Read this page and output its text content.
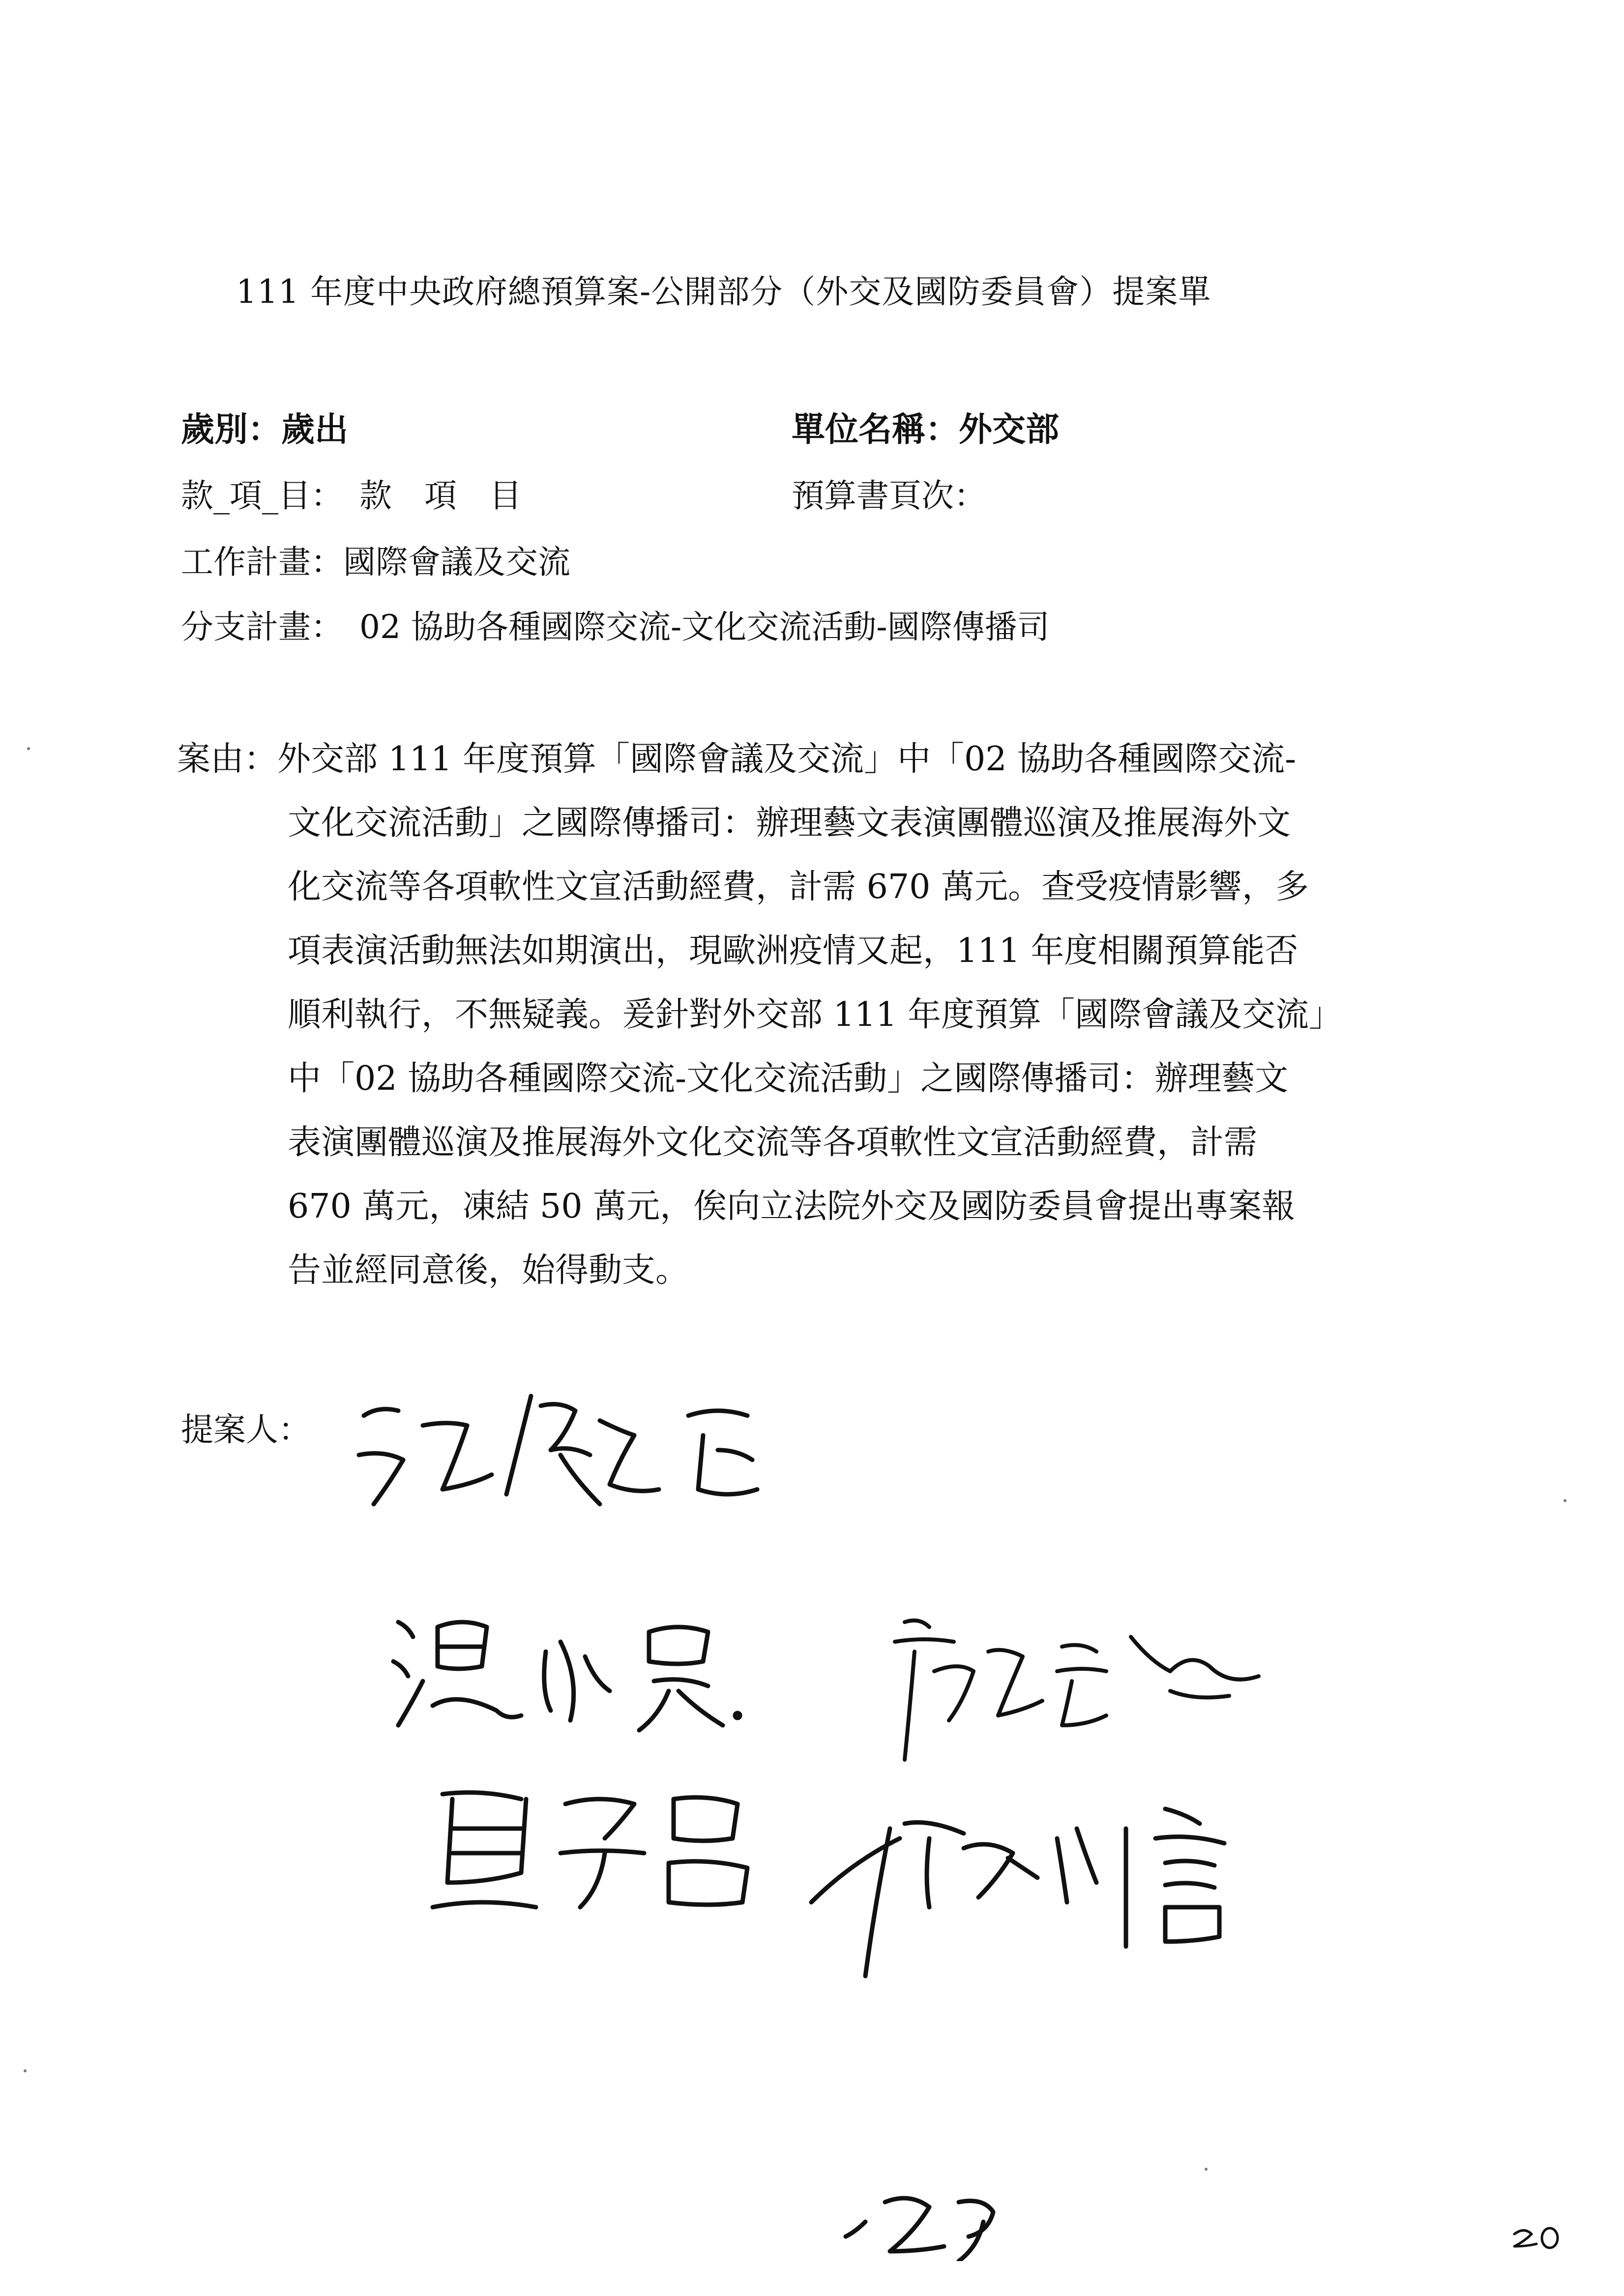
111 年度中央政府總預算案-公開部分（外交及國防委員會）提案單
歲別：歲出	單位名稱：外交部
款_項_目：　款　項　目	預算書頁次：
工作計畫：國際會議及交流
分支計畫：　02 協助各種國際交流-文化交流活動-國際傳播司
案由：外交部 111 年度預算「國際會議及交流」中「02 協助各種國際交流-
文化交流活動」之國際傳播司：辦理藝文表演團體巡演及推展海外文
化交流等各項軟性文宣活動經費，計需 670 萬元。查受疫情影響，多
項表演活動無法如期演出，現歐洲疫情又起，111 年度相關預算能否
順利執行，不無疑義。爰針對外交部 111 年度預算「國際會議及交流」
中「02 協助各種國際交流-文化交流活動」之國際傳播司：辦理藝文
表演團體巡演及推展海外文化交流等各項軟性文宣活動經費，計需
670 萬元，凍結 50 萬元，俟向立法院外交及國防委員會提出專案報
告並經同意後，始得動支。
提案人：
